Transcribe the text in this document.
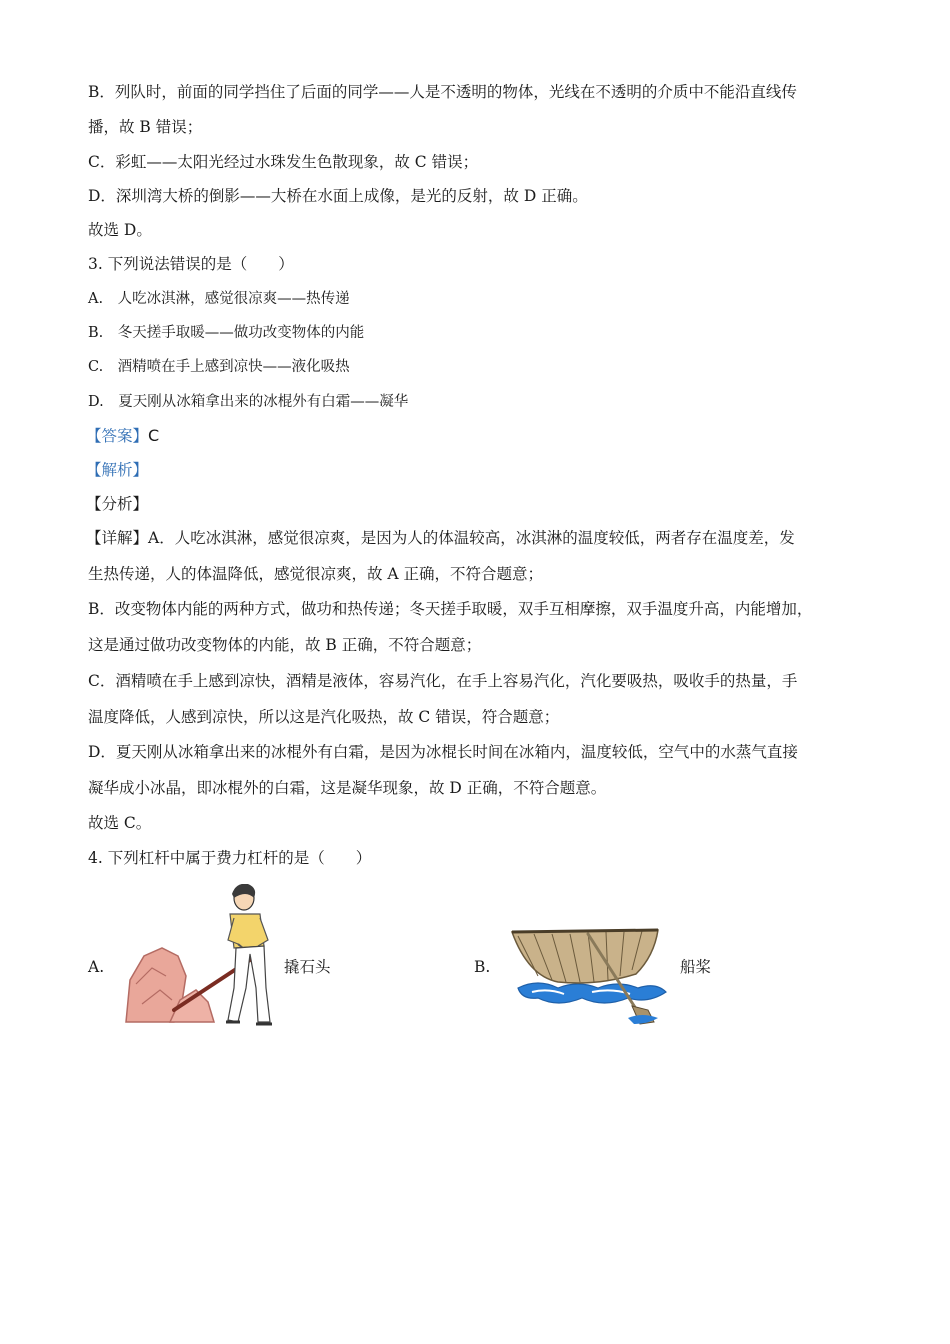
B．列队时，前面的同学挡住了后面的同学——人是不透明的物体，光线在不透明的介质中不能沿直线传
播，故 B 错误；
C．彩虹——太阳光经过水珠发生色散现象，故 C 错误；
D．深圳湾大桥的倒影——大桥在水面上成像，是光的反射，故 D 正确。
故选 D。
3. 下列说法错误的是（　　）
A.　人吃冰淇淋，感觉很凉爽——热传递
B.　冬天搓手取暖——做功改变物体的内能
C.　酒精喷在手上感到凉快——液化吸热
D.　夏天刚从冰箱拿出来的冰棍外有白霜——凝华
【答案】C
【解析】
【分析】
【详解】A．人吃冰淇淋，感觉很凉爽，是因为人的体温较高，冰淇淋的温度较低，两者存在温度差，发
生热传递，人的体温降低，感觉很凉爽，故 A 正确，不符合题意；
B．改变物体内能的两种方式，做功和热传递；冬天搓手取暖，双手互相摩擦，双手温度升高，内能增加，
这是通过做功改变物体的内能，故 B 正确，不符合题意；
C．酒精喷在手上感到凉快，酒精是液体，容易汽化，在手上容易汽化，汽化要吸热，吸收手的热量，手
温度降低，人感到凉快，所以这是汽化吸热，故 C 错误，符合题意；
D．夏天刚从冰箱拿出来的冰棍外有白霜，是因为冰棍长时间在冰箱内，温度较低，空气中的水蒸气直接
凝华成小冰晶，即冰棍外的白霜，这是凝华现象，故 D 正确，不符合题意。
故选 C。
4. 下列杠杆中属于费力杠杆的是（　　）
A.	撬石头	B.	船桨
